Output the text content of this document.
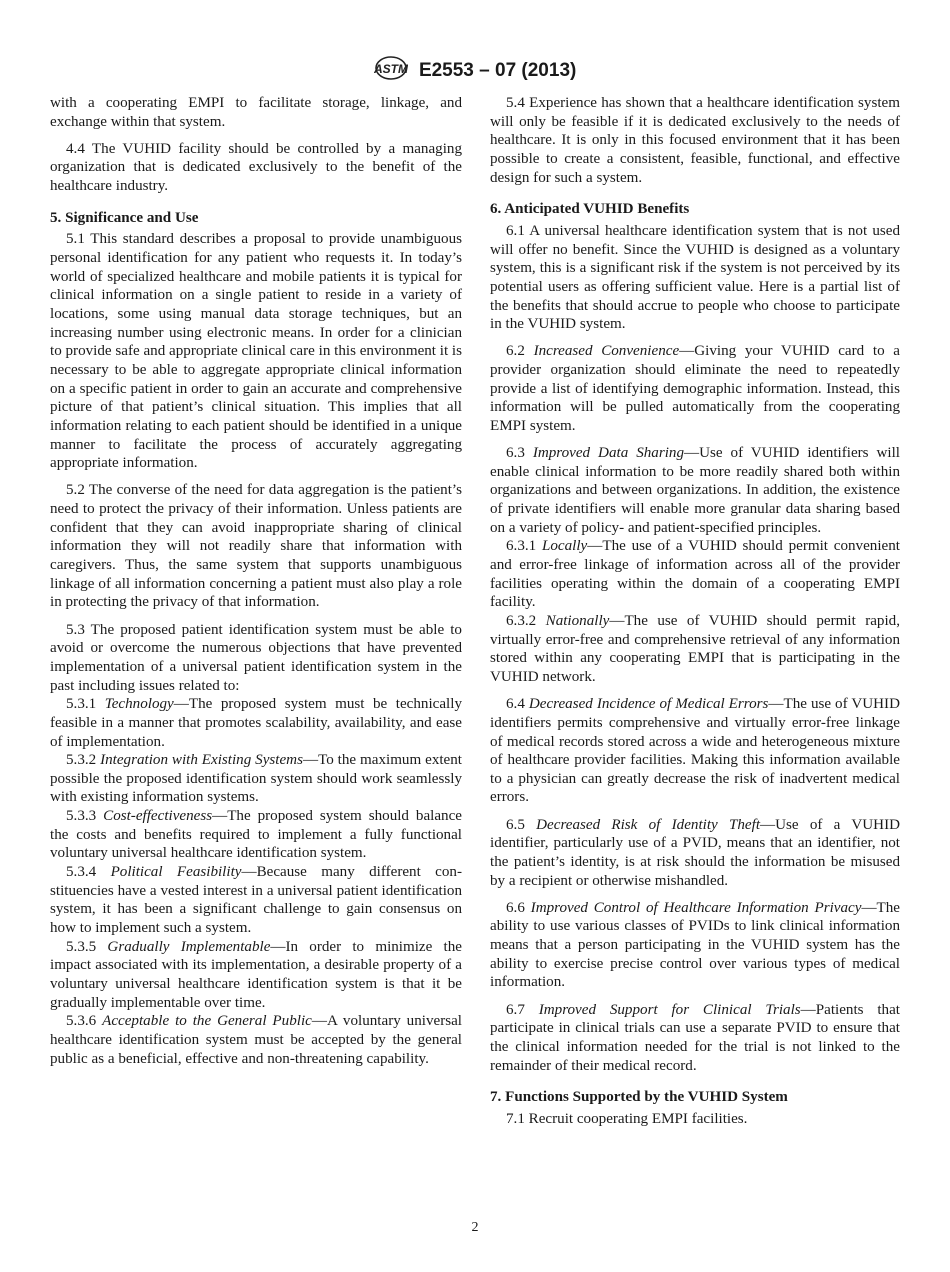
ASTM E2553 – 07 (2013)
with a cooperating EMPI to facilitate storage, linkage, and exchange within that system.
4.4 The VUHID facility should be controlled by a managing organization that is dedicated exclusively to the benefit of the healthcare industry.
5. Significance and Use
5.1 This standard describes a proposal to provide unambiguous personal identification for any patient who requests it. In today’s world of specialized healthcare and mobile patients it is typical for clinical information on a single patient to reside in a variety of locations, some using manual data storage techniques, but an increasing number using electronic means. In order for a clinician to provide safe and appropriate clinical care in this environment it is necessary to be able to aggregate appropriate clinical information on a specific patient in order to gain an accurate and comprehensive picture of that patient’s clinical situation. This implies that all information relating to each patient should be identified in a unique manner to facilitate the process of accurately aggregating appropriate information.
5.2 The converse of the need for data aggregation is the patient’s need to protect the privacy of their information. Unless patients are confident that they can avoid inappropriate sharing of clinical information they will not readily share that information with caregivers. Thus, the same system that supports unambiguous linkage of all information concerning a patient must also play a role in protecting the privacy of that information.
5.3 The proposed patient identification system must be able to avoid or overcome the numerous objections that have prevented implementation of a universal patient identification system in the past including issues related to:
5.3.1 Technology—The proposed system must be technically feasible in a manner that promotes scalability, availability, and ease of implementation.
5.3.2 Integration with Existing Systems—To the maximum extent possible the proposed identification system should work seamlessly with existing information systems.
5.3.3 Cost-effectiveness—The proposed system should balance the costs and benefits required to implement a fully functional voluntary universal healthcare identification system.
5.3.4 Political Feasibility—Because many different constituencies have a vested interest in a universal patient identification system, it has been a significant challenge to gain consensus on how to implement such a system.
5.3.5 Gradually Implementable—In order to minimize the impact associated with its implementation, a desirable property of a voluntary universal healthcare identification system is that it be gradually implementable over time.
5.3.6 Acceptable to the General Public—A voluntary universal healthcare identification system must be accepted by the general public as a beneficial, effective and non-threatening capability.
5.4 Experience has shown that a healthcare identification system will only be feasible if it is dedicated exclusively to the needs of healthcare. It is only in this focused environment that it has been possible to create a consistent, feasible, functional, and effective design for such a system.
6. Anticipated VUHID Benefits
6.1 A universal healthcare identification system that is not used will offer no benefit. Since the VUHID is designed as a voluntary system, this is a significant risk if the system is not perceived by its potential users as offering sufficient value. Here is a partial list of the benefits that should accrue to people who choose to participate in the VUHID system.
6.2 Increased Convenience—Giving your VUHID card to a provider organization should eliminate the need to repeatedly provide a list of identifying demographic information. Instead, this information will be pulled automatically from the cooperating EMPI system.
6.3 Improved Data Sharing—Use of VUHID identifiers will enable clinical information to be more readily shared both within organizations and between organizations. In addition, the existence of private identifiers will enable more granular data sharing based on a variety of policy- and patient-specified principles.
6.3.1 Locally—The use of a VUHID should permit convenient and error-free linkage of information across all of the provider facilities operating within the domain of a cooperating EMPI facility.
6.3.2 Nationally—The use of VUHID should permit rapid, virtually error-free and comprehensive retrieval of any information stored within any cooperating EMPI that is participating in the VUHID network.
6.4 Decreased Incidence of Medical Errors—The use of VUHID identifiers permits comprehensive and virtually error-free linkage of medical records stored across a wide and heterogeneous mixture of healthcare provider facilities. Making this information available to a physician can greatly decrease the risk of inadvertent medical errors.
6.5 Decreased Risk of Identity Theft—Use of a VUHID identifier, particularly use of a PVID, means that an identifier, not the patient’s identity, is at risk should the information be misused by a recipient or otherwise mishandled.
6.6 Improved Control of Healthcare Information Privacy—The ability to use various classes of PVIDs to link clinical information means that a person participating in the VUHID system has the ability to exercise precise control over various types of medical information.
6.7 Improved Support for Clinical Trials—Patients that participate in clinical trials can use a separate PVID to ensure that the clinical information needed for the trial is not linked to the remainder of their medical record.
7. Functions Supported by the VUHID System
7.1 Recruit cooperating EMPI facilities.
2
